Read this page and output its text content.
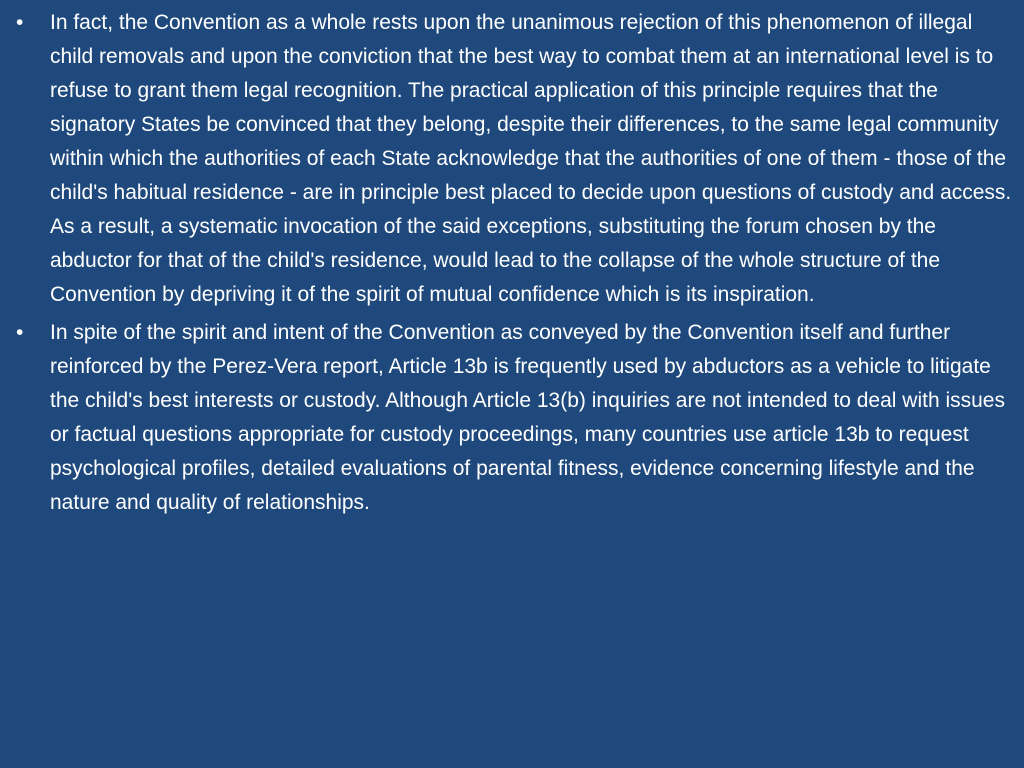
•	In fact, the Convention as a whole rests upon the unanimous rejection of this phenomenon of illegal child removals and upon the conviction that the best way to combat them at an international level is to refuse to grant them legal recognition. The practical application of this principle requires that the signatory States be convinced that they belong, despite their differences, to the same legal community within which the authorities of each State acknowledge that the authorities of one of them - those of the child's habitual residence - are in principle best placed to decide upon questions of custody and access. As a result, a systematic invocation of the said exceptions, substituting the forum chosen by the abductor for that of the child's residence, would lead to the collapse of the whole structure of the Convention by depriving it of the spirit of mutual confidence which is its inspiration.
•	In spite of the spirit and intent of the Convention as conveyed by the Convention itself and further reinforced by the Perez-Vera report, Article 13b is frequently used by abductors as a vehicle to litigate the child's best interests or custody. Although Article 13(b) inquiries are not intended to deal with issues or factual questions appropriate for custody proceedings, many countries use article 13b to request psychological profiles, detailed evaluations of parental fitness, evidence concerning lifestyle and the nature and quality of relationships.
